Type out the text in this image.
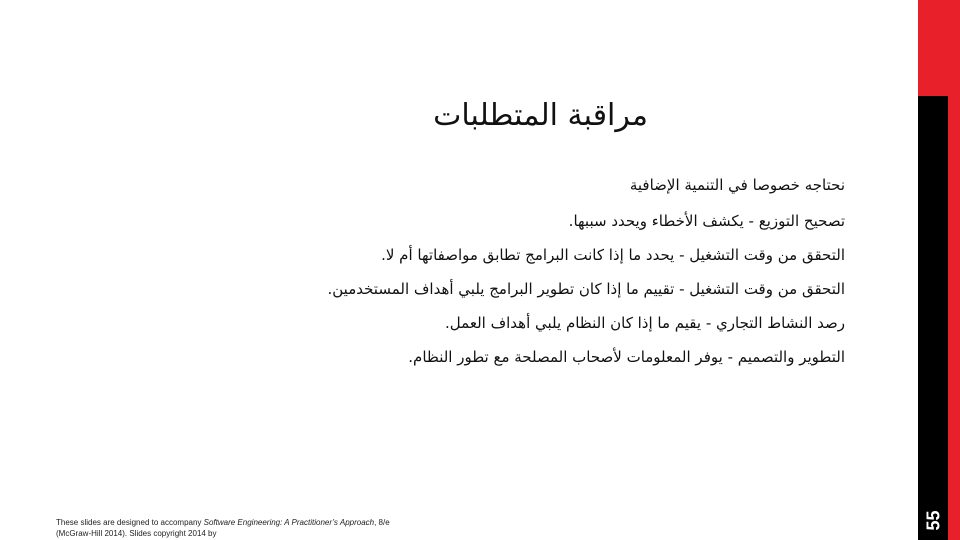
مراقبة المتطلبات

نحتاجه خصوصا في التنمية الإضافية

تصحيح التوزيع - يكشف الأخطاء ويحدد سببها.
التحقق من وقت التشغيل - يحدد ما إذا كانت البرامج تطابق مواصفاتها أم لا.
التحقق من وقت التشغيل - تقييم ما إذا كان تطوير البرامج يلبي أهداف المستخدمين.
رصد النشاط التجاري - يقيم ما إذا كان النظام يلبي أهداف العمل.
التطوير والتصميم - يوفر المعلومات لأصحاب المصلحة مع تطور النظام.
These slides are designed to accompany Software Engineering: A Practitioner’s Approach, 8/e (McGraw-Hill 2014). Slides copyright 2014 by
55
